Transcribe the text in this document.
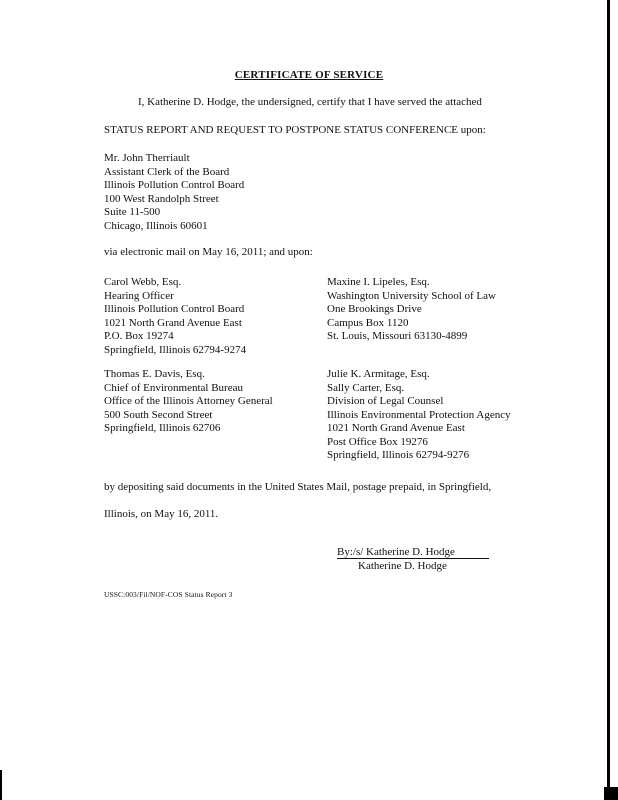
CERTIFICATE OF SERVICE
I, Katherine D. Hodge, the undersigned, certify that I have served the attached
STATUS REPORT AND REQUEST TO POSTPONE STATUS CONFERENCE upon:
Mr. John Therriault
Assistant Clerk of the Board
Illinois Pollution Control Board
100 West Randolph Street
Suite 11-500
Chicago, Illinois 60601
via electronic mail on May 16, 2011; and upon:
Carol Webb, Esq.
Hearing Officer
Illinois Pollution Control Board
1021 North Grand Avenue East
P.O. Box 19274
Springfield, Illinois 62794-9274
Maxine I. Lipeles, Esq.
Washington University School of Law
One Brookings Drive
Campus Box 1120
St. Louis, Missouri 63130-4899
Thomas E. Davis, Esq.
Chief of Environmental Bureau
Office of the Illinois Attorney General
500 South Second Street
Springfield, Illinois 62706
Julie K. Armitage, Esq.
Sally Carter, Esq.
Division of Legal Counsel
Illinois Environmental Protection Agency
1021 North Grand Avenue East
Post Office Box 19276
Springfield, Illinois 62794-9276
by depositing said documents in the United States Mail, postage prepaid, in Springfield,
Illinois, on May 16, 2011.
By:/s/ Katherine D. Hodge
Katherine D. Hodge
USSC:003/Fil/NOF-COS Status Report 3
